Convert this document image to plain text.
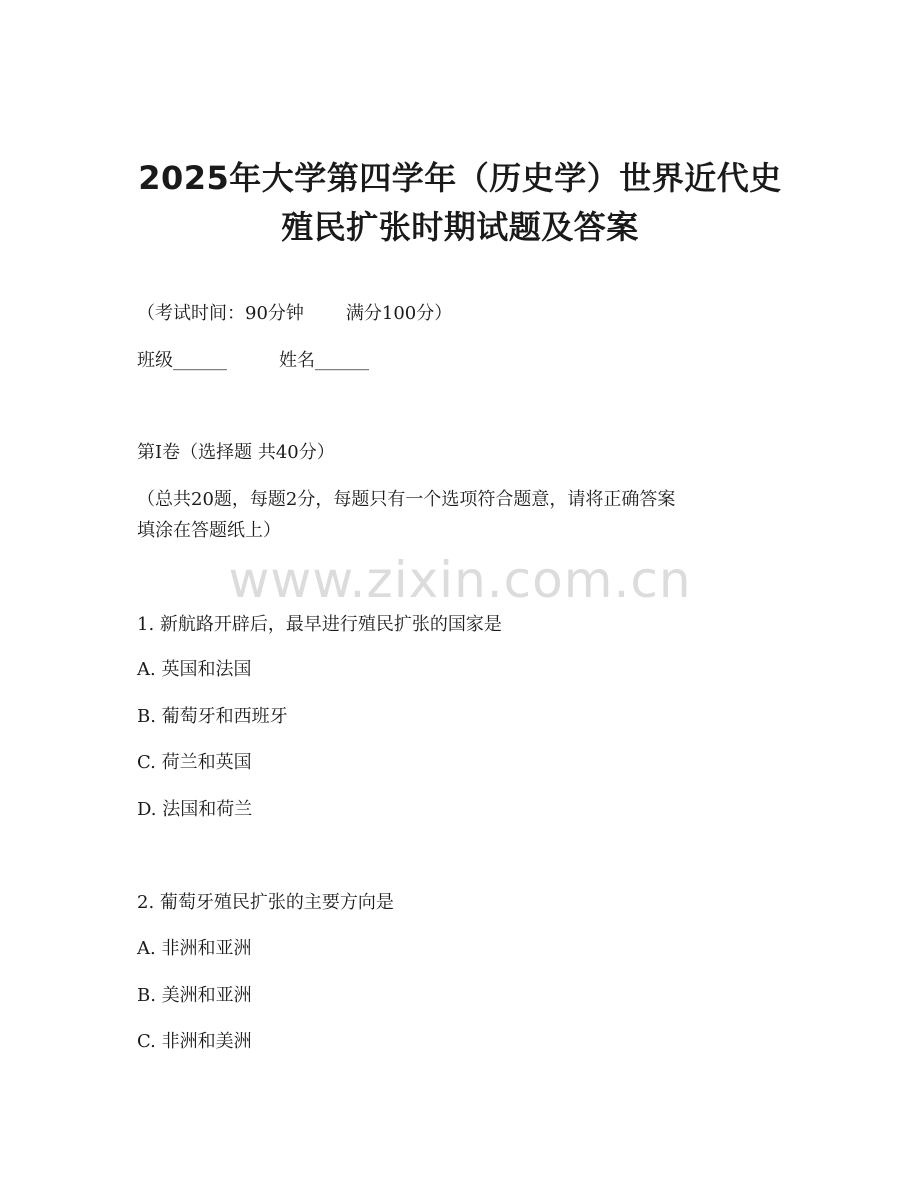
2025年大学第四学年（历史学）世界近代史
殖民扩张时期试题及答案
（考试时间：90分钟 满分100分）
班级______	姓名______
第Ⅰ卷（选择题 共40分）
（总共20题，每题2分，每题只有一个选项符合题意，请将正确答案
填涂在答题纸上）
www.zixin.com.cn
1. 新航路开辟后，最早进行殖民扩张的国家是
A. 英国和法国
B. 葡萄牙和西班牙
C. 荷兰和英国
D. 法国和荷兰
2. 葡萄牙殖民扩张的主要方向是
A. 非洲和亚洲
B. 美洲和亚洲
C. 非洲和美洲
